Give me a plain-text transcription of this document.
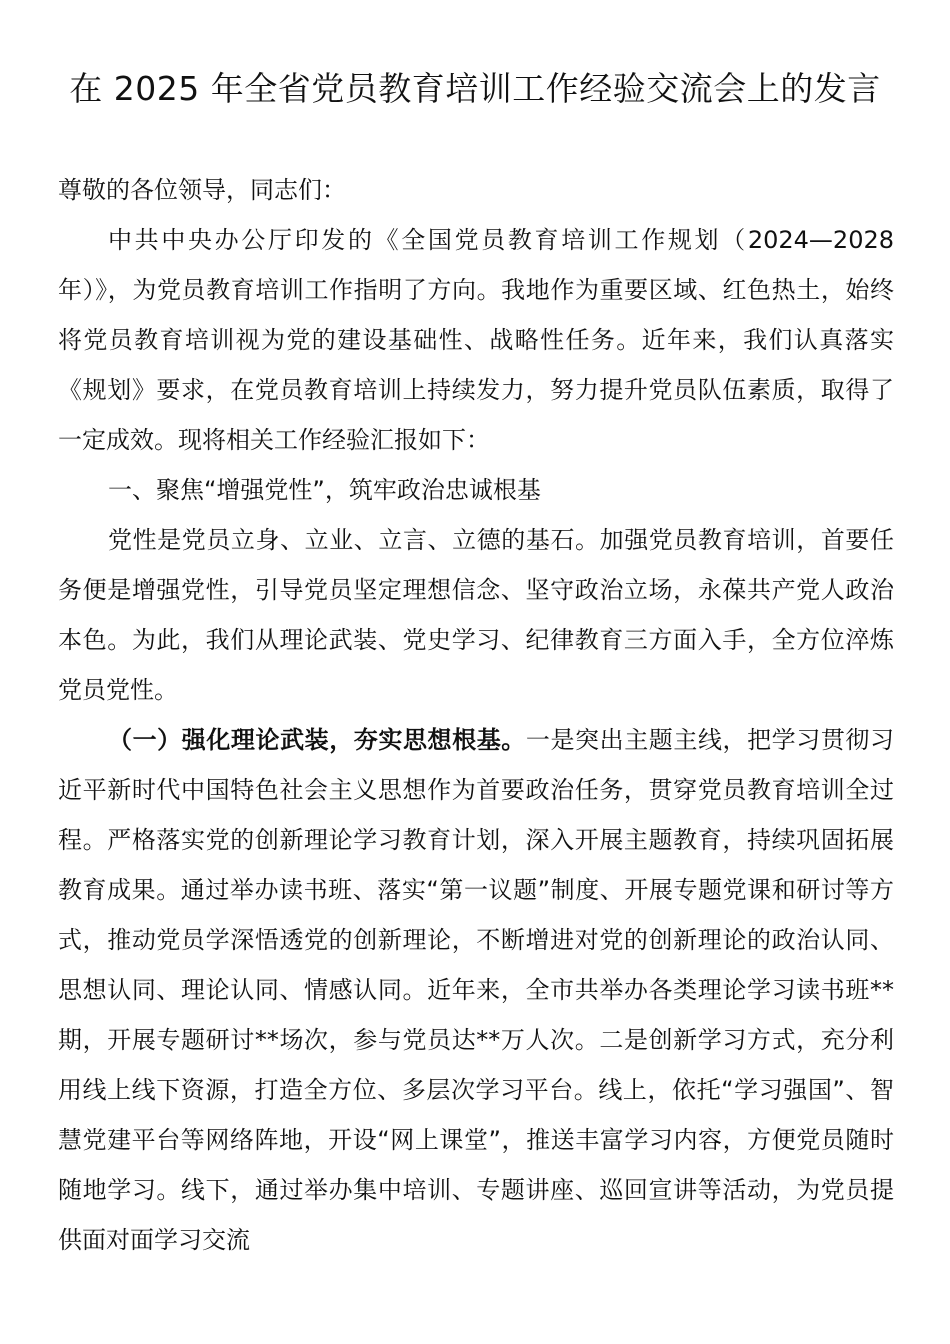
在 2025 年全省党员教育培训工作经验交流会上的发言

尊敬的各位领导，同志们：

中共中央办公厅印发的《全国党员教育培训工作规划（2024—2028年）》，为党员教育培训工作指明了方向。我地作为重要区域、红色热土，始终将党员教育培训视为党的建设基础性、战略性任务。近年来，我们认真落实《规划》要求，在党员教育培训上持续发力，努力提升党员队伍素质，取得了一定成效。现将相关工作经验汇报如下：

一、聚焦“增强党性”，筑牢政治忠诚根基

党性是党员立身、立业、立言、立德的基石。加强党员教育培训，首要任务便是增强党性，引导党员坚定理想信念、坚守政治立场，永葆共产党人政治本色。为此，我们从理论武装、党史学习、纪律教育三方面入手，全方位淬炼党员党性。

（一）强化理论武装，夯实思想根基。一是突出主题主线，把学习贯彻习近平新时代中国特色社会主义思想作为首要政治任务，贯穿党员教育培训全过程。严格落实党的创新理论学习教育计划，深入开展主题教育，持续巩固拓展教育成果。通过举办读书班、落实“第一议题”制度、开展专题党课和研讨等方式，推动党员学深悟透党的创新理论，不断增进对党的创新理论的政治认同、思想认同、理论认同、情感认同。近年来，全市共举办各类理论学习读书班**期，开展专题研讨**场次，参与党员达**万人次。二是创新学习方式，充分利用线上线下资源，打造全方位、多层次学习平台。线上，依托“学习强国”、智慧党建平台等网络阵地，开设“网上课堂”，推送丰富学习内容，方便党员随时随地学习。线下，通过举办集中培训、专题讲座、巡回宣讲等活动，为党员提供面对面学习交流
